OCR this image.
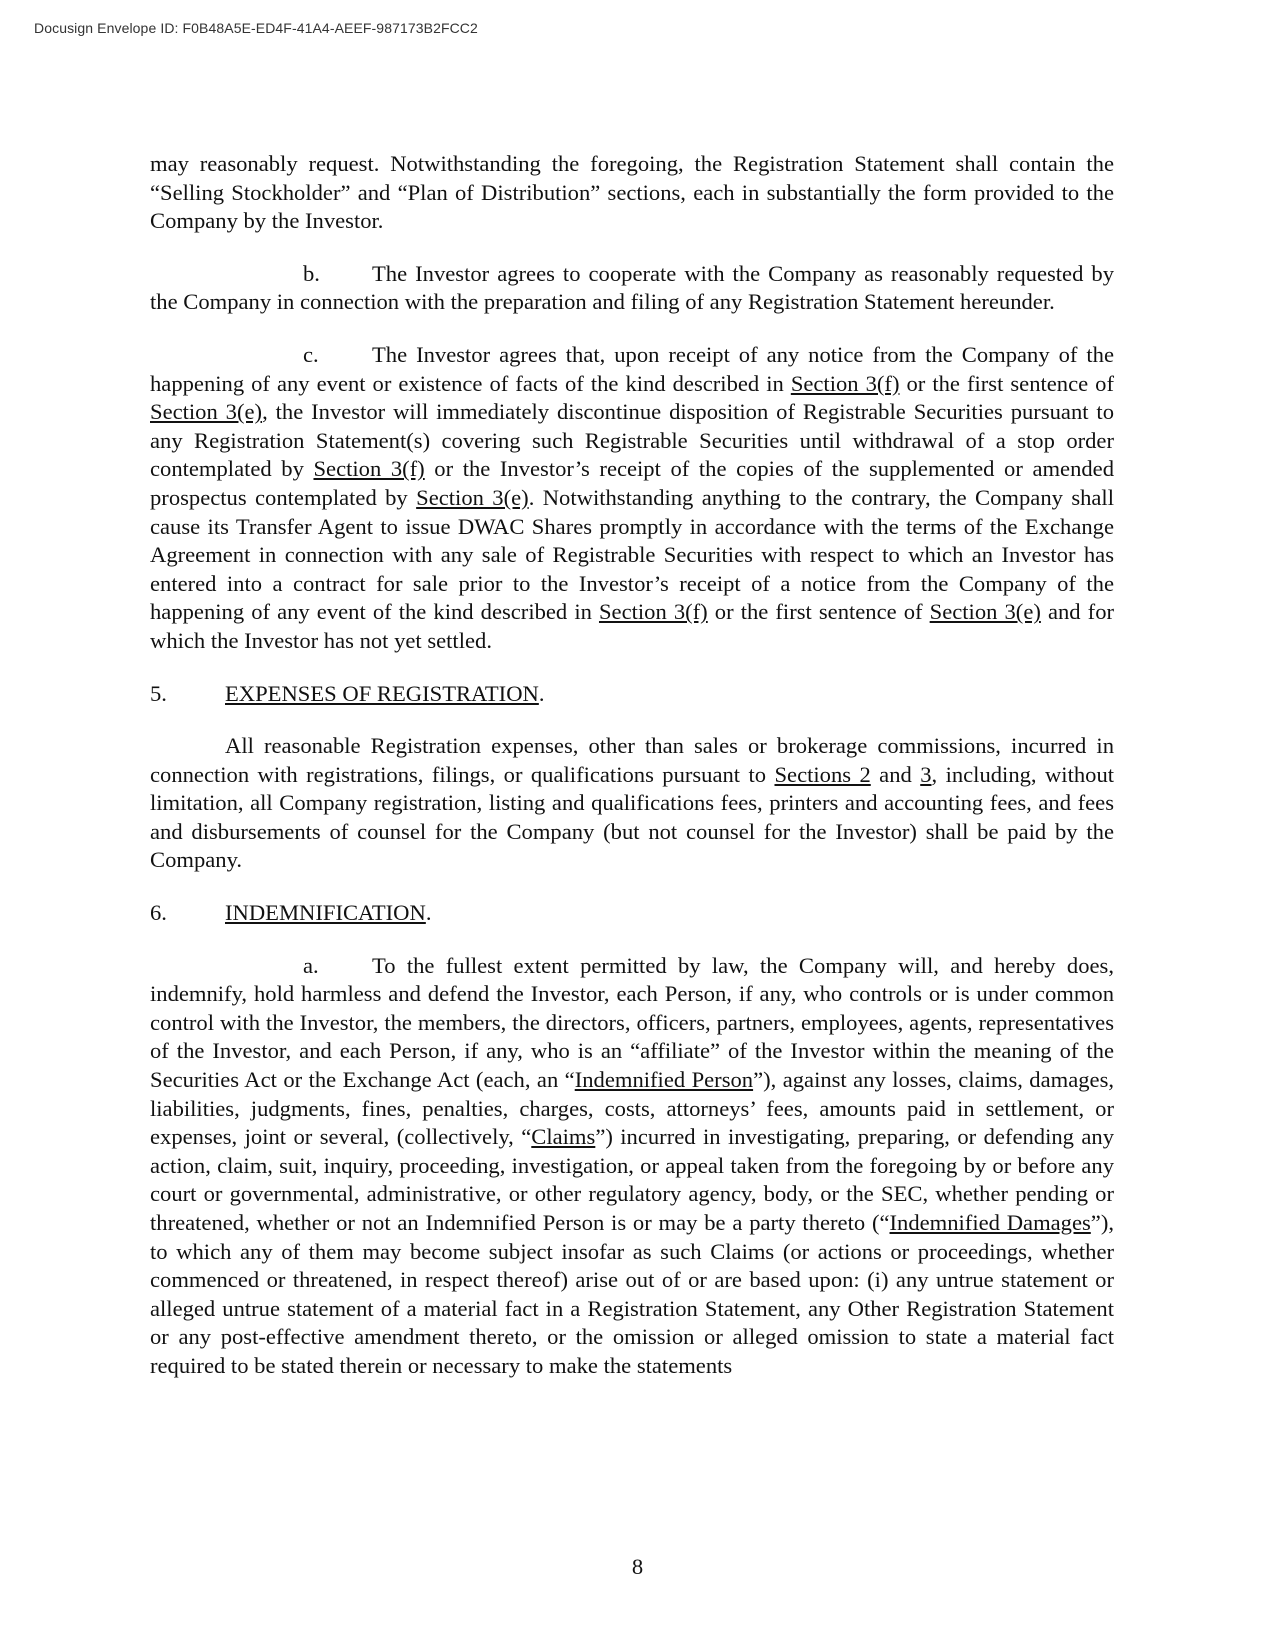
Docusign Envelope ID: F0B48A5E-ED4F-41A4-AEEF-987173B2FCC2

may reasonably request. Notwithstanding the foregoing, the Registration Statement shall contain the “Selling Stockholder” and “Plan of Distribution” sections, each in substantially the form provided to the Company by the Investor.

b. The Investor agrees to cooperate with the Company as reasonably requested by the Company in connection with the preparation and filing of any Registration Statement hereunder.

c. The Investor agrees that, upon receipt of any notice from the Company of the happening of any event or existence of facts of the kind described in Section 3(f) or the first sentence of Section 3(e), the Investor will immediately discontinue disposition of Registrable Securities pursuant to any Registration Statement(s) covering such Registrable Securities until withdrawal of a stop order contemplated by Section 3(f) or the Investor’s receipt of the copies of the supplemented or amended prospectus contemplated by Section 3(e). Notwithstanding anything to the contrary, the Company shall cause its Transfer Agent to issue DWAC Shares promptly in accordance with the terms of the Exchange Agreement in connection with any sale of Registrable Securities with respect to which an Investor has entered into a contract for sale prior to the Investor’s receipt of a notice from the Company of the happening of any event of the kind described in Section 3(f) or the first sentence of Section 3(e) and for which the Investor has not yet settled.

5.	EXPENSES OF REGISTRATION.

All reasonable Registration expenses, other than sales or brokerage commissions, incurred in connection with registrations, filings, or qualifications pursuant to Sections 2 and 3, including, without limitation, all Company registration, listing and qualifications fees, printers and accounting fees, and fees and disbursements of counsel for the Company (but not counsel for the Investor) shall be paid by the Company.

6.	INDEMNIFICATION.

a. To the fullest extent permitted by law, the Company will, and hereby does, indemnify, hold harmless and defend the Investor, each Person, if any, who controls or is under common control with the Investor, the members, the directors, officers, partners, employees, agents, representatives of the Investor, and each Person, if any, who is an “affiliate” of the Investor within the meaning of the Securities Act or the Exchange Act (each, an “Indemnified Person”), against any losses, claims, damages, liabilities, judgments, fines, penalties, charges, costs, attorneys’ fees, amounts paid in settlement, or expenses, joint or several, (collectively, “Claims”) incurred in investigating, preparing, or defending any action, claim, suit, inquiry, proceeding, investigation, or appeal taken from the foregoing by or before any court or governmental, administrative, or other regulatory agency, body, or the SEC, whether pending or threatened, whether or not an Indemnified Person is or may be a party thereto (“Indemnified Damages”), to which any of them may become subject insofar as such Claims (or actions or proceedings, whether commenced or threatened, in respect thereof) arise out of or are based upon: (i) any untrue statement or alleged untrue statement of a material fact in a Registration Statement, any Other Registration Statement or any post-effective amendment thereto, or the omission or alleged omission to state a material fact required to be stated therein or necessary to make the statements

8
